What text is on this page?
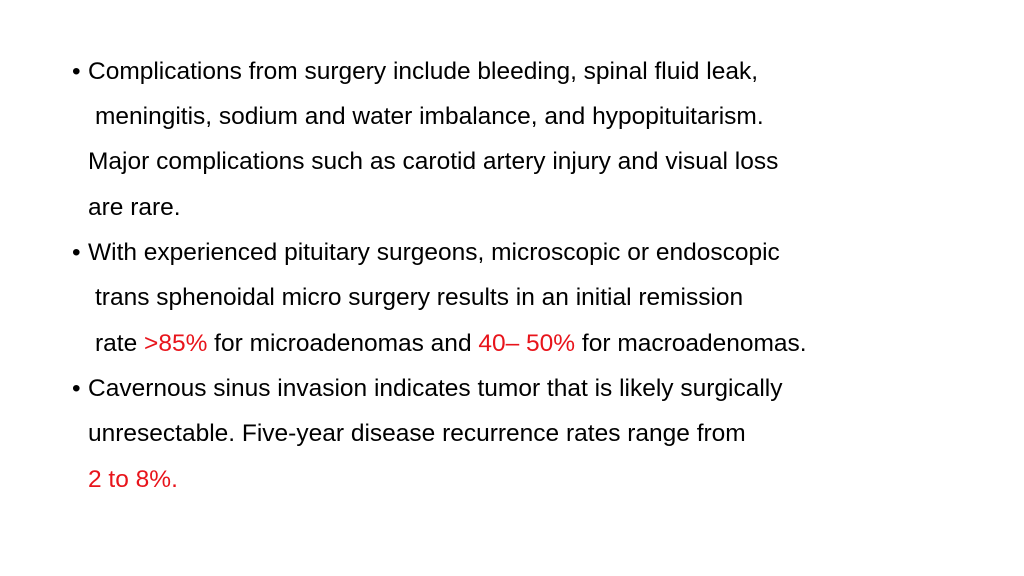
• Complications from surgery include bleeding, spinal fluid leak,
meningitis, sodium and water imbalance, and hypopituitarism.
Major complications such as carotid artery injury and visual loss
are rare.
• With experienced pituitary surgeons, microscopic or endoscopic
trans sphenoidal micro surgery results in an initial remission
rate >85% for microadenomas and 40– 50% for macroadenomas.
• Cavernous sinus invasion indicates tumor that is likely surgically
unresectable. Five-year disease recurrence rates range from
2 to 8%.
